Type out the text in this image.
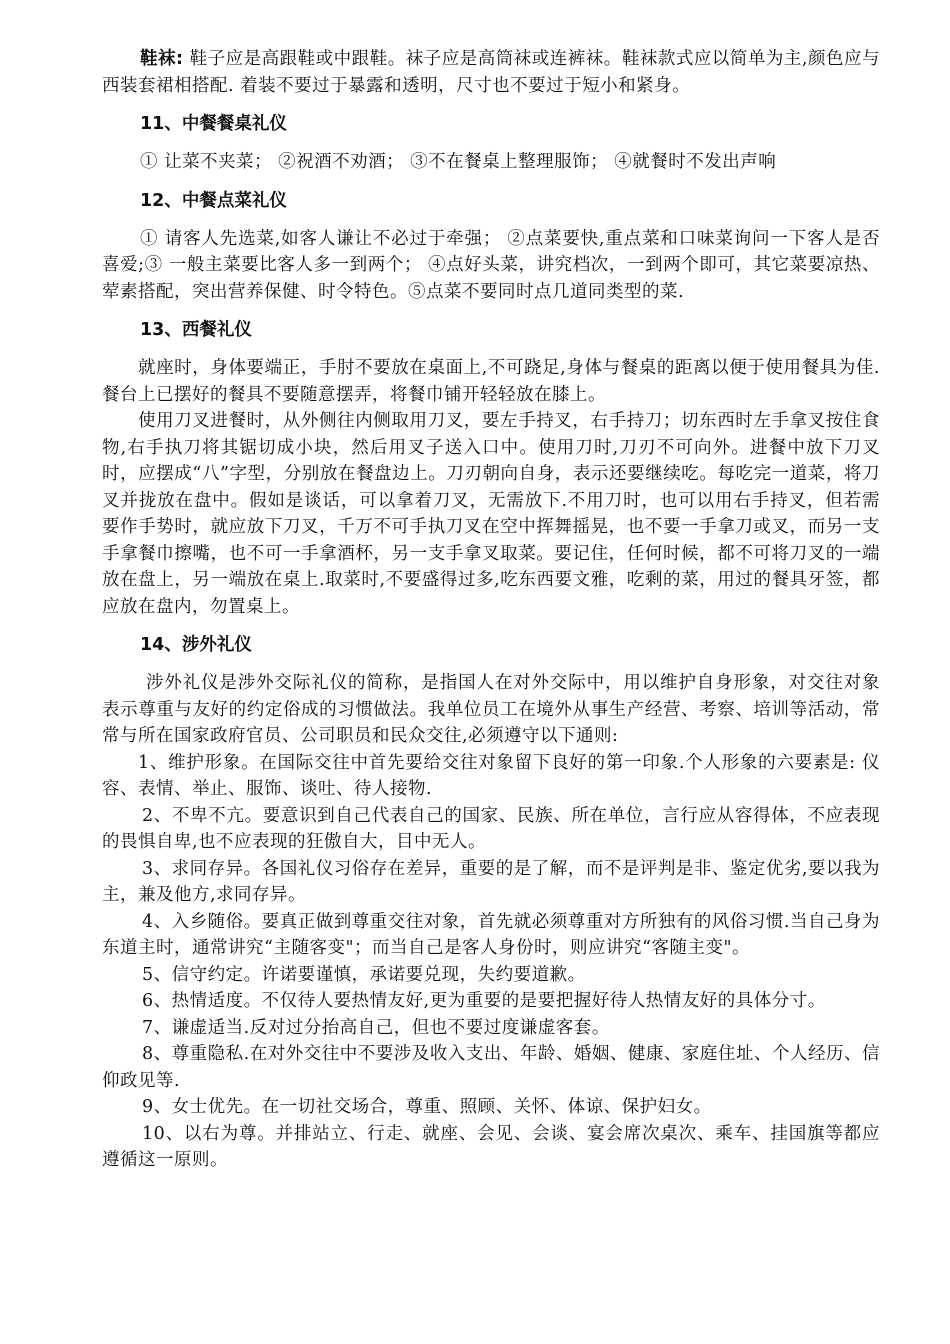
鞋袜: 鞋子应是高跟鞋或中跟鞋。袜子应是高筒袜或连裤袜。鞋袜款式应以简单为主,颜色应与西装套裙相搭配. 着装不要过于暴露和透明，尺寸也不要过于短小和紧身。

11、中餐餐桌礼仪

① 让菜不夹菜； ②祝酒不劝酒； ③不在餐桌上整理服饰； ④就餐时不发出声响

12、中餐点菜礼仪

① 请客人先选菜,如客人谦让不必过于牵强； ②点菜要快,重点菜和口味菜询问一下客人是否喜爱;③ 一般主菜要比客人多一到两个； ④点好头菜，讲究档次，一到两个即可，其它菜要凉热、荤素搭配，突出营养保健、时令特色。⑤点菜不要同时点几道同类型的菜.

13、西餐礼仪

就座时，身体要端正，手肘不要放在桌面上,不可跷足,身体与餐桌的距离以便于使用餐具为佳.餐台上已摆好的餐具不要随意摆弄，将餐巾铺开轻轻放在膝上。

使用刀叉进餐时，从外侧往内侧取用刀叉，要左手持叉，右手持刀；切东西时左手拿叉按住食物,右手执刀将其锯切成小块，然后用叉子送入口中。使用刀时,刀刃不可向外。进餐中放下刀叉时，应摆成“八”字型，分别放在餐盘边上。刀刃朝向自身，表示还要继续吃。每吃完一道菜，将刀叉并拢放在盘中。假如是谈话，可以拿着刀叉，无需放下.不用刀时，也可以用右手持叉，但若需要作手势时，就应放下刀叉，千万不可手执刀叉在空中挥舞摇晃，也不要一手拿刀或叉，而另一支手拿餐巾擦嘴，也不可一手拿酒杯，另一支手拿叉取菜。要记住，任何时候，都不可将刀叉的一端放在盘上，另一端放在桌上.取菜时,不要盛得过多,吃东西要文雅，吃剩的菜，用过的餐具牙签，都应放在盘内，勿置桌上。

14、涉外礼仪

涉外礼仪是涉外交际礼仪的简称，是指国人在对外交际中，用以维护自身形象，对交往对象表示尊重与友好的约定俗成的习惯做法。我单位员工在境外从事生产经营、考察、培训等活动，常常与所在国家政府官员、公司职员和民众交往,必须遵守以下通则:

1、维护形象。在国际交往中首先要给交往对象留下良好的第一印象.个人形象的六要素是: 仪容、表情、举止、服饰、谈吐、待人接物.

2、不卑不亢。要意识到自己代表自己的国家、民族、所在单位，言行应从容得体，不应表现的畏惧自卑,也不应表现的狂傲自大，目中无人。

3、求同存异。各国礼仪习俗存在差异，重要的是了解，而不是评判是非、鉴定优劣,要以我为主，兼及他方,求同存异。

4、入乡随俗。要真正做到尊重交往对象，首先就必须尊重对方所独有的风俗习惯.当自己身为东道主时，通常讲究“主随客变"；而当自己是客人身份时，则应讲究“客随主变"。

5、信守约定。许诺要谨慎，承诺要兑现，失约要道歉。

6、热情适度。不仅待人要热情友好,更为重要的是要把握好待人热情友好的具体分寸。

7、谦虚适当.反对过分抬高自己，但也不要过度谦虚客套。

8、尊重隐私.在对外交往中不要涉及收入支出、年龄、婚姻、健康、家庭住址、个人经历、信仰政见等.

9、女士优先。在一切社交场合，尊重、照顾、关怀、体谅、保护妇女。

10、以右为尊。并排站立、行走、就座、会见、会谈、宴会席次桌次、乘车、挂国旗等都应遵循这一原则。
